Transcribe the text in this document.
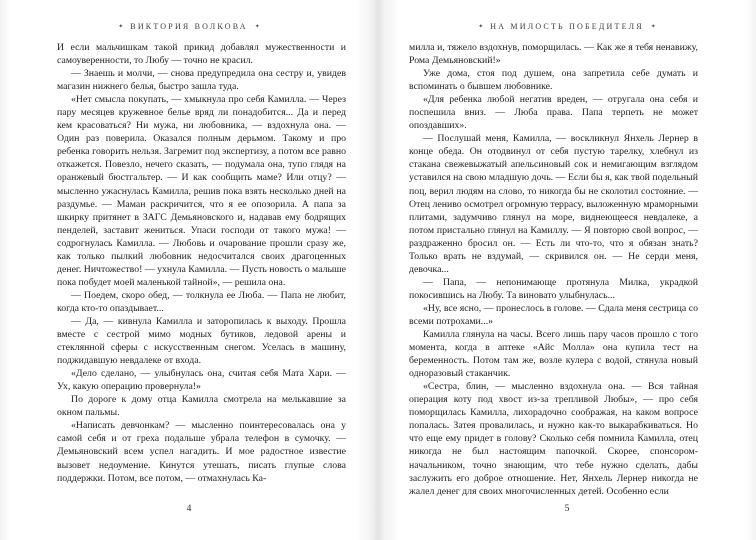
✦ ВИКТОРИЯ ВОЛКОВА ✦

И если мальчишкам такой прикид добавлял мужественности и самоуверенности, то Любу — точно не красил.

— Знаешь и молчи, — снова предупредила она сестру и, увидев магазин нижнего белья, быстро зашла туда.

«Нет смысла покупать, — хмыкнула про себя Камилла. — Через пару месяцев кружевное белье вряд ли понадобится... Да и перед кем красоваться? Ни мужа, ни любовника, — вздохнула она. — Один раз поверила. Оказался полным дерьмом. Такому и про ребенка говорить нельзя. Загремит под экспертизу, а потом все равно откажется. Повезло, нечего сказать, — подумала она, тупо глядя на оранжевый бюстгальтер. — И как сообщить маме? Или отцу? — мысленно ужаснулась Камилла, решив пока взять несколько дней на раздумье. — Маман раскричится, что я ее опозорила. А папа за шкирку притянет в ЗАГС Демьяновского и, надавав ему бодрящих пенделей, заставит жениться. Упаси господи от такого мужа! — содрогнулась Камилла. — Любовь и очарование прошли сразу же, как только пылкий любовник недосчитался своих драгоценных денег. Ничтожество! — ухнула Камилла. — Пусть новость о малыше пока побудет моей маленькой тайной», — решила она.

— Поедем, скоро обед, — толкнула ее Люба. — Папа не любит, когда кто-то опаздывает...

— Да, — кивнула Камилла и заторопилась к выходу. Прошла вместе с сестрой мимо модных бутиков, ледовой арены и стеклянной сферы с искусственным снегом. Уселась в машину, поджидавшую невдалеке от входа.

«Дело сделано, — улыбнулась она, считая себя Мата Хари. — Ух, какую операцию провернула!»

По дороге к дому отца Камилла смотрела на мелькавшие за окном пальмы.

«Написать девчонкам? — мысленно поинтересовалась она у самой себя и от греха подальше убрала телефон в сумочку. — Демьяновский всем успел нагадить. И мое радостное известие вызовет недоумение. Кинутся утешать, писать глупые слова поддержки. Потом, все потом, — отмахнулась Ка-

4
✦ НА МИЛОСТЬ ПОБЕДИТЕЛЯ ✦

милла и, тяжело вздохнув, поморщилась. — Как же я тебя ненавижу, Рома Демьяновский!»

Уже дома, стоя под душем, она запретила себе думать и вспоминать о бывшем любовнике.

«Для ребенка любой негатив вреден, — отругала она себя и поспешила вниз. — Люба права. Папа терпеть не может опоздавших».

— Послушай меня, Камилла, — воскликнул Янхель Лернер в конце обеда. Он отодвинул от себя пустую тарелку, хлебнул из стакана свежевыжатый апельсиновый сок и немигающим взглядом уставился на свою младшую дочь. — Если бы я, как твой подельный поц, верил людям на слово, то никогда бы не сколотил состояние. — Отец лениво осмотрел огромную террасу, выложенную мраморными плитами, задумчиво глянул на море, виднеющееся невдалеке, а потом пристально глянул на Камиллу. — Я повторю свой вопрос, — раздраженно бросил он. — Есть ли что-то, что я обязан знать? Только врать не вздумай, — скривился он. — Не серди меня, девочка...

— Папа, — непонимающе протянула Милка, украдкой покосившись на Любу. Та виновато улыбнулась...

«Ну, все ясно, — пронеслось в голове. — Сдала меня сестрица со всеми потрохами...»

Камилла глянула на часы. Всего лишь пару часов прошло с того момента, когда в аптеке «Айс Молла» она купила тест на беременность. Потом там же, возле кулера с водой, стянула новый одноразовый стаканчик.

«Сестра, блин, — мысленно вздохнула она. — Вся тайная операция коту под хвост из-за трепливой Любы», — про себя поморщилась Камилла, лихорадочно соображая, на каком вопросе попалась. Затея провалилась, и нужно как-то выкарабкиваться. Но что еще ему придет в голову? Сколько себя помнила Камилла, отец никогда не был настоящим папочкой. Скорее, спонсором-начальником, точно знающим, что тебе нужно сделать, дабы заслужить его доброе отношение. Нет, Янхель Лернер никогда не жалел денег для своих многочисленных детей. Особенно если

5
